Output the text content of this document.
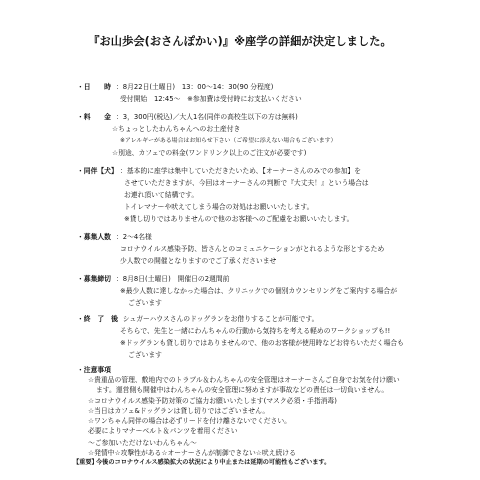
『お山歩会(おさんぽかい)』※座学の詳細が決定しました。
・日　　時 ：8月22日(土曜日)　13：00～14：30(90 分程度)
受付開始　12:45～　※参加費は受付時にお支払いください
・料　　金 ：3，300円(税込)／大人1名(同伴の高校生以下の方は無料)
☆ちょっとしたわんちゃんへのお土産付き
※アレルギーがある場合はお知らせ下さい（ご希望に添えない場合もございます）
☆別途、カフェでの料金(ワンドリンク以上のご注文が必要です)
・同伴【犬】 ：基本的に座学は集中していただきたいため、【オーナーさんのみでの参加】を
させていただきますが、今回はオーナーさんの判断で『大丈夫！』という場合は
お連れ頂いて結構です。
トイレマナーや吠えてしまう場合の対処はお願いいたします。
※貸し切りではありませんので他のお客様へのご配慮をお願いいたします。
・募集人数 ：2～4名様
コロナウイルス感染予防、皆さんとのコミュニケーションがとれるような形とするため
少人数での開催となりますのでご了承くださいませ
・募集締切 ：8月8日(土曜日)　開催日の2週間前
※最少人数に達しなかった場合は、クリニックでの個別カウンセリングをご案内する場合が
ございます
・終　了　後
：シュガーハウスさんのドッグランをお借りすることが可能です。
そちらで、先生と一緒にわんちゃんの行動から気持ちを考える軽めのワークショップも!!
※ドッグランも貸し切りではありませんので、他のお客様が使用時などお待ちいただく場合も
ございます
・注意事項
☆貴重品の管理、敷地内でのトラブル＆わんちゃんの安全管理はオーナーさんご自身でお気を付け願い
ます。運営側も開催中はわんちゃんの安全管理に努めますが事故などの責任は一切負いません。
☆コロナウイルス感染予防対策のご協力お願いいたします(マスク必須・手指消毒)
☆当日はカフェ&ドッグランは貸し切りではございません。
☆ワンちゃん同伴の場合は必ずリードを付け離さないでください。
必要によりマナーベルト＆パンツを着用ください
～ご参加いただけないわんちゃん～
☆発情中☆攻撃性がある☆オーナーさんが制御できない☆吠え続ける
【重要】
今後のコロナウイルス感染拡大の状況により中止または延期の可能性もございます。
